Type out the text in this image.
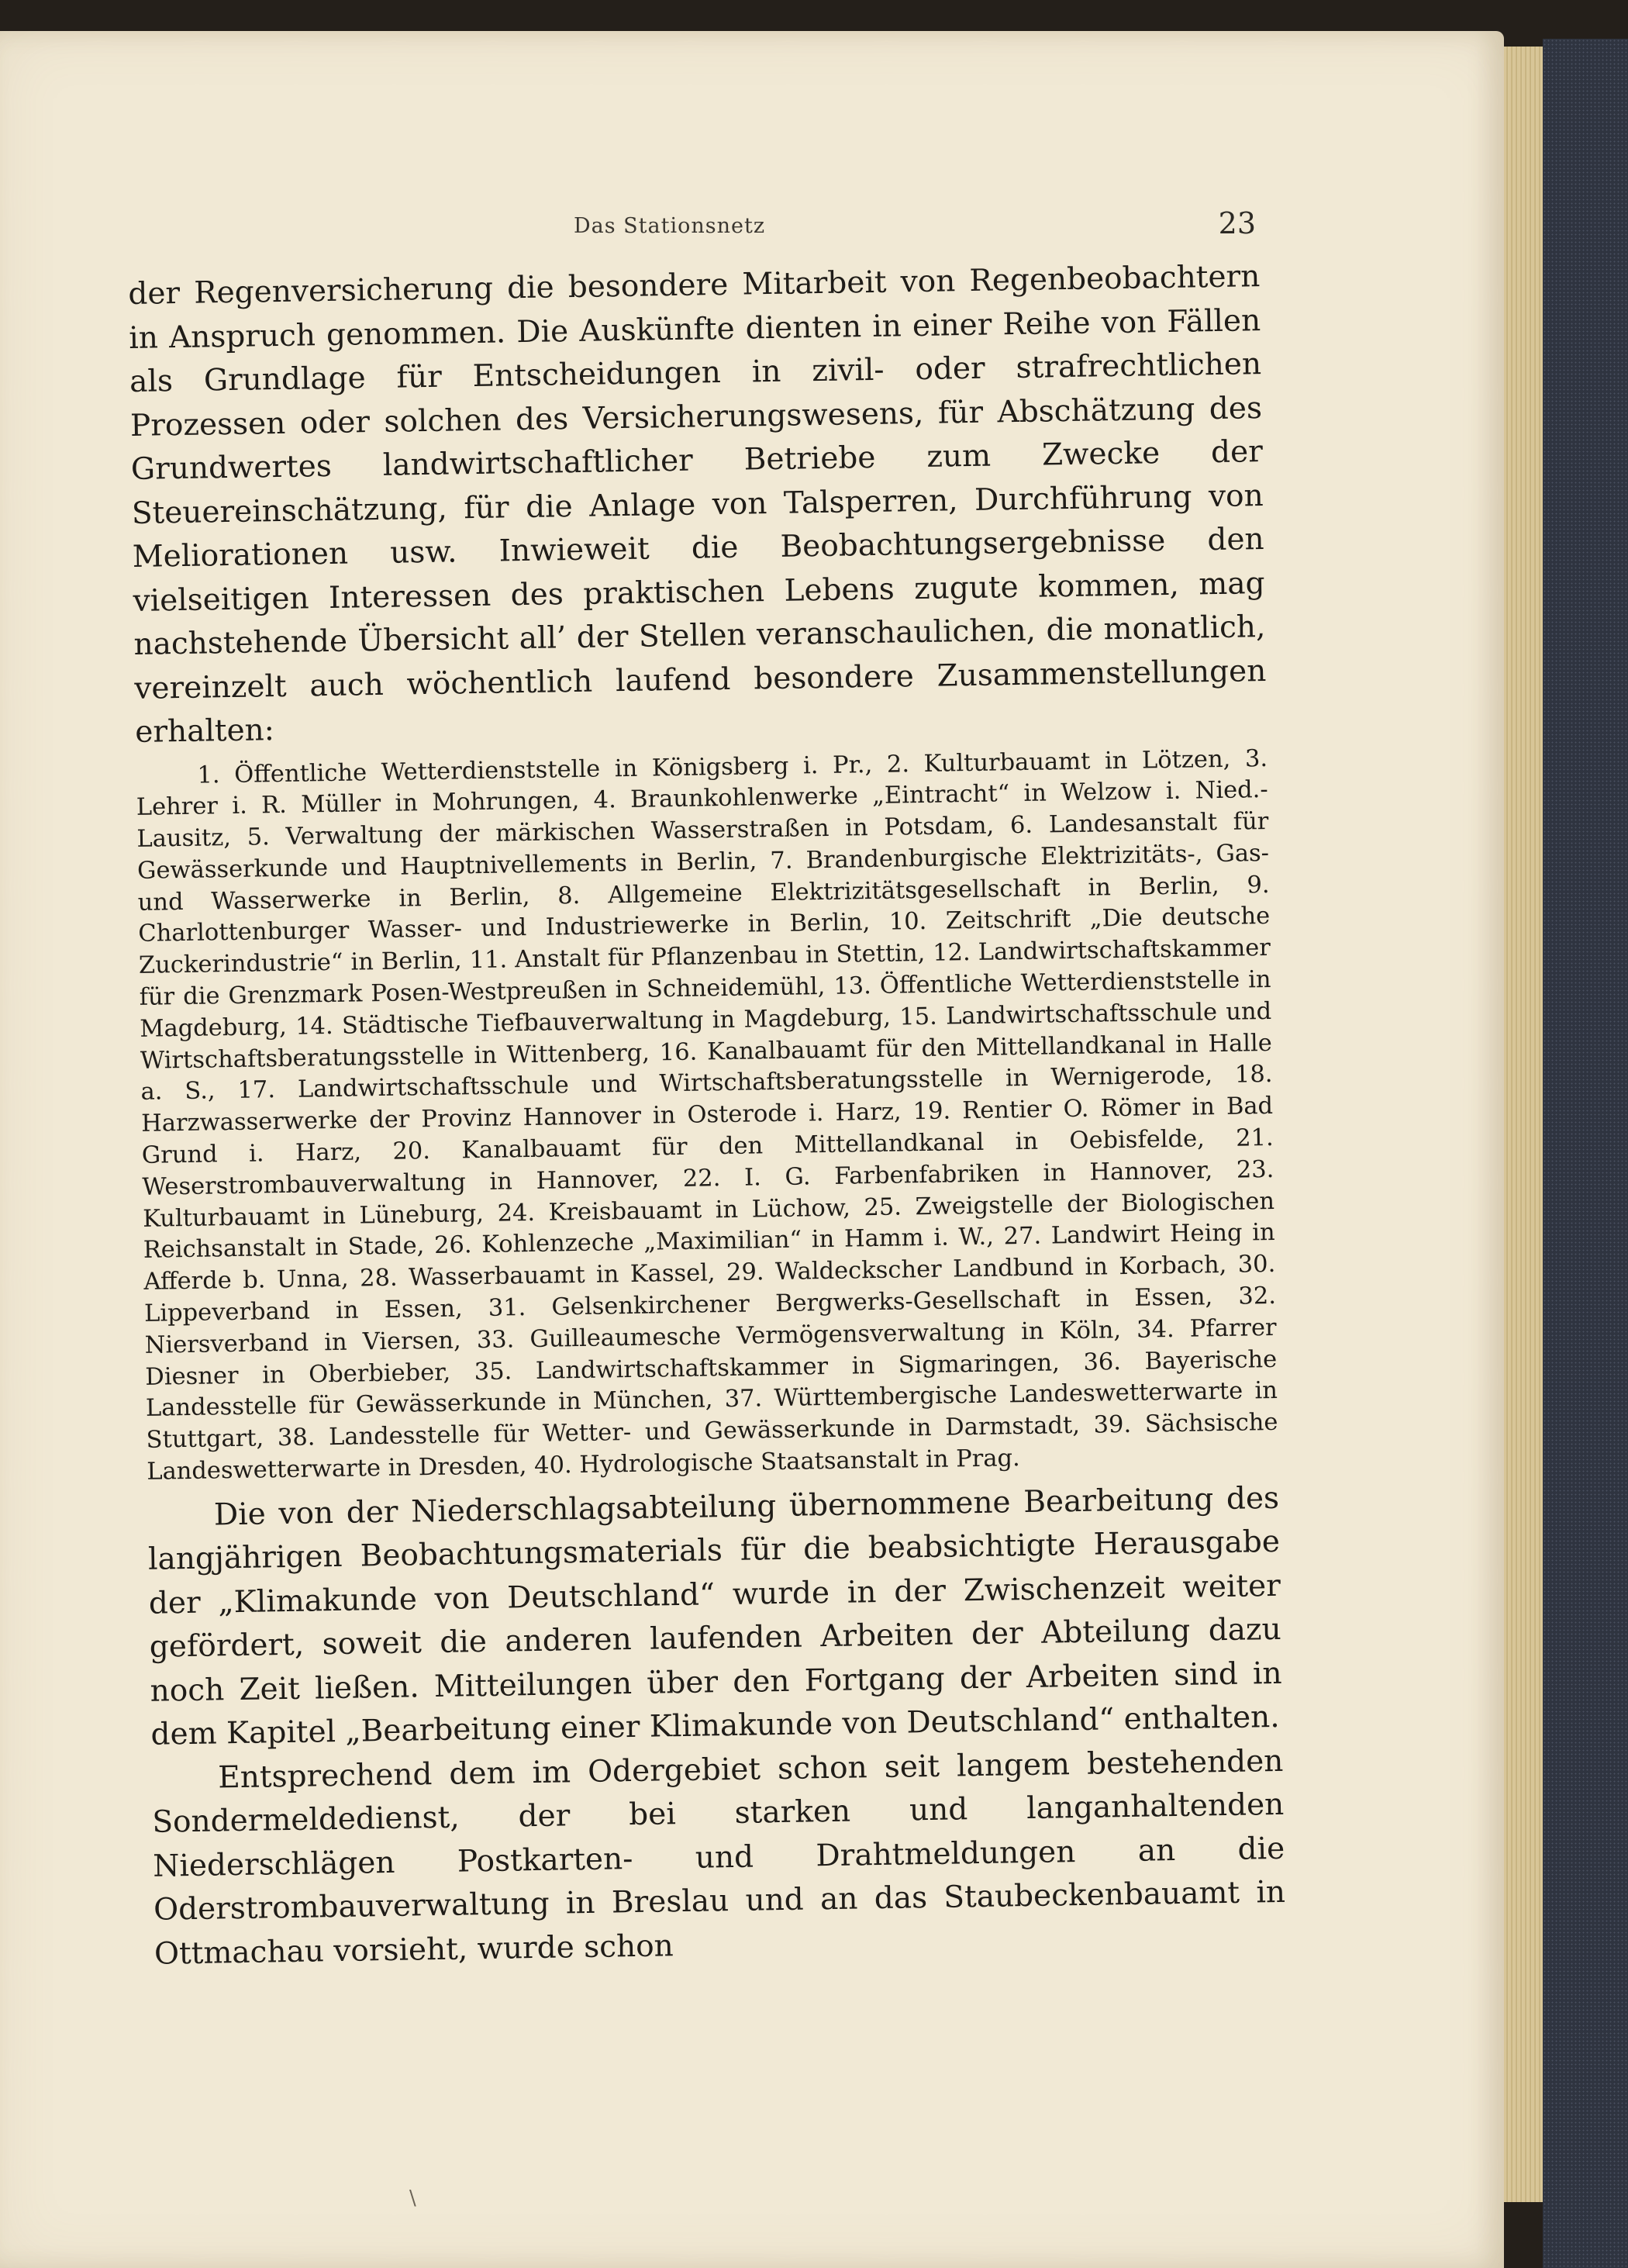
Das Stationsnetz	23

der Regenversicherung die besondere Mitarbeit von Regenbeobachtern in Anspruch genommen. Die Auskünfte dienten in einer Reihe von Fällen als Grundlage für Entscheidungen in zivil- oder strafrechtlichen Prozessen oder solchen des Versicherungswesens, für Abschätzung des Grundwertes landwirtschaftlicher Betriebe zum Zwecke der Steuereinschätzung, für die Anlage von Talsperren, Durchführung von Meliorationen usw. Inwieweit die Beobachtungsergebnisse den vielseitigen Interessen des praktischen Lebens zugute kommen, mag nachstehende Übersicht all’ der Stellen veranschaulichen, die monatlich, vereinzelt auch wöchentlich laufend besondere Zusammenstellungen erhalten:

1. Öffentliche Wetterdienststelle in Königsberg i. Pr., 2. Kulturbauamt in Lötzen, 3. Lehrer i. R. Müller in Mohrungen, 4. Braunkohlenwerke „Eintracht“ in Welzow i. Nied.-Lausitz, 5. Verwaltung der märkischen Wasserstraßen in Potsdam, 6. Landesanstalt für Gewässerkunde und Hauptnivellements in Berlin, 7. Brandenburgische Elektrizitäts-, Gas- und Wasserwerke in Berlin, 8. Allgemeine Elektrizitätsgesellschaft in Berlin, 9. Charlottenburger Wasser- und Industriewerke in Berlin, 10. Zeitschrift „Die deutsche Zuckerindustrie“ in Berlin, 11. Anstalt für Pflanzenbau in Stettin, 12. Landwirtschaftskammer für die Grenzmark Posen-Westpreußen in Schneidemühl, 13. Öffentliche Wetterdienststelle in Magdeburg, 14. Städtische Tiefbauverwaltung in Magdeburg, 15. Landwirtschaftsschule und Wirtschaftsberatungsstelle in Wittenberg, 16. Kanalbauamt für den Mittellandkanal in Halle a. S., 17. Landwirtschaftsschule und Wirtschaftsberatungsstelle in Wernigerode, 18. Harzwasserwerke der Provinz Hannover in Osterode i. Harz, 19. Rentier O. Römer in Bad Grund i. Harz, 20. Kanalbauamt für den Mittellandkanal in Oebisfelde, 21. Weserstrombauverwaltung in Hannover, 22. I. G. Farbenfabriken in Hannover, 23. Kulturbauamt in Lüneburg, 24. Kreisbauamt in Lüchow, 25. Zweigstelle der Biologischen Reichsanstalt in Stade, 26. Kohlenzeche „Maximilian“ in Hamm i. W., 27. Landwirt Heing in Afferde b. Unna, 28. Wasserbauamt in Kassel, 29. Waldeckscher Landbund in Korbach, 30. Lippeverband in Essen, 31. Gelsenkirchener Bergwerks-Gesellschaft in Essen, 32. Niersverband in Viersen, 33. Guilleaumesche Vermögensverwaltung in Köln, 34. Pfarrer Diesner in Oberbieber, 35. Landwirtschaftskammer in Sigmaringen, 36. Bayerische Landesstelle für Gewässerkunde in München, 37. Württembergische Landeswetterwarte in Stuttgart, 38. Landesstelle für Wetter- und Gewässerkunde in Darmstadt, 39. Sächsische Landeswetterwarte in Dresden, 40. Hydrologische Staatsanstalt in Prag.

Die von der Niederschlagsabteilung übernommene Bearbeitung des langjährigen Beobachtungsmaterials für die beabsichtigte Herausgabe der „Klimakunde von Deutschland“ wurde in der Zwischenzeit weiter gefördert, soweit die anderen laufenden Arbeiten der Abteilung dazu noch Zeit ließen. Mitteilungen über den Fortgang der Arbeiten sind in dem Kapitel „Bearbeitung einer Klimakunde von Deutschland“ enthalten.

Entsprechend dem im Odergebiet schon seit langem bestehenden Sondermeldedienst, der bei starken und langanhaltenden Niederschlägen Postkarten- und Drahtmeldungen an die Oderstrombauverwaltung in Breslau und an das Staubeckenbauamt in Ottmachau vorsieht, wurde schon

\
